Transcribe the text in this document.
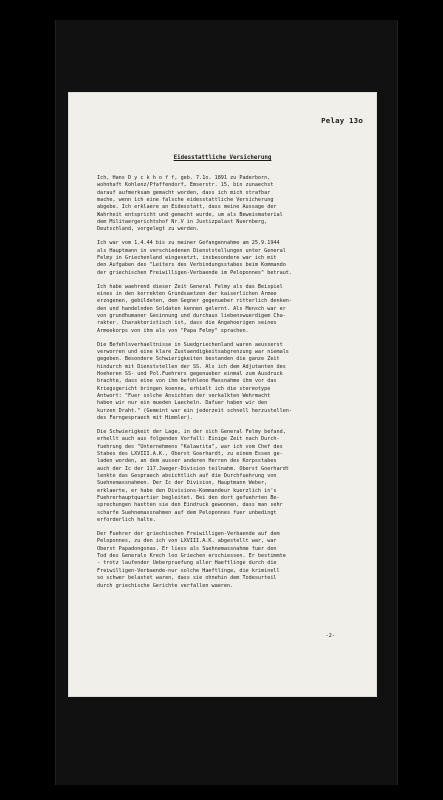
Pelay 13o
Eidesstattliche Versicherung

Ich, Hans D y c k h o f f, geb. 7.1o. 1891 zu Paderborn,
wohnhaft Kohlenz/Pfaffendorf, Emserstr. 15, bin zunaechst
darauf aufmerksam gemacht worden, dass ich mich strafbar
mache, wenn ich eine falsche eidesstattliche Versicherung
abgebe. Ich erklaere an Eidesstatt, dass meine Aussage der
Wahrheit entspricht und gemacht wurde, um als Beweismaterial
dem Militaergerichtshof Nr.V in Justizpalast Nuernberg,
Deutschland, vorgelegt zu werden.

Ich war vom 1.4.44 bis zu meiner Gefangennahme am 25.9.1944
als Hauptmann in verschiedenen Dienststellungen unter General
Felmy in Griechenland eingesetzt, insbesondere war ich mit
den Aufgaben des "Leiters des Verbindungsstabes beim Kommando
der griechischen Freiwilligen-Verbaende im Peloponnes" betraut.

Ich habe waehrend dieser Zeit General Felmy als das Beispiel
eines in den korrekten Grundsaetzen der kaiserlichen Armee
erzogenen, gebildeten, dem Gegner gegenueber ritterlich denken-
den und handelnden Soldaten kennen gelernt. Als Mensch war er
von grundhumaner Gesinnung und durchaus liebenswuerdigem Cha-
rakter. Charakteristisch ist, dass die Angehoerigen seines
Armeekorps von ihm als von "Papa Felmy" sprachen.

Die Befehlsverhaeltnisse in Suedgriechenland waren aeusserst
verworren und eine klare Zustaendigkeitsabgrenzung war niemals
gegeben. Besondere Schwierigkeiten bestanden die ganze Zeit
hindurch mit Dienststellen der SS. Als ich dem Adjutanten des
Hoeheren SS- und Pol.Fuehrers gegenueber einmal zum Ausdruck
brachte, dass eine von ihm befohlene Massnahme ihm vor das
Kriegsgericht bringen koenne, erhielt ich die stereotype
Antwort: "Fuer solche Ansichten der verkalkten Wehrmacht
haben wir nur ein mueden Laecheln. Dafuer haben wir den
kurzen Draht." (Gemeint war ein jederzeit schnell herzustellen-
des Ferngespraech mit Himmler).

Die Schwierigkeit der Lage, in der sich General Felmy befand,
erhellt auch aus folgenden Vorfall: Einige Zeit nach Durch-
fuehrung des "Unternehmens "Kalawrita", war ich vom Chef des
Stabes des LXVIII.A.K., Oberst Goerhardt, zu einem Essen ge-
laden worden, an dem ausser anderen Herren des Korpsstabes
auch der Ic der 117.Jaeger-Division teilnahm. Oberst Goerhardt
lenkte das Gespraech absichtlich auf die Durchfuehrung von
Suehnemassnahmen. Der Ic der Division, Hauptmann Weber,
erklaerte, er habe den Divisions-Kommandeur kuerzlich in's
Fuehrerhauptquartier begleitet. Bei den dort gefuehrten Be-
sprechungen hastten sie den Eindruck gewonnen, dass man sehr
scharfe Suehnemassnahmen auf dem Peloponnes fuer unbedingt
erforderlich halte.

Der Fuehrer der griechischen Freiwilligen-Verbaende auf dem
Peloponnes, zu den ich von LXVIII.A.K. abgestellt war, war
Oberst Papadongonas. Er liess als Suehnemassnahme fuer den
Tod des Generals Krech loo Griechen erschiessen. Er bestimmte
- trotz laufender Ueberpruefung aller Haeftlinge durch die
Freiwilligen-Verbaende-nur solche Haeftlinge, die kriminell
so schwer belastet waren, dass sie ohnehin dem Todesurteil
durch griechische Gerichte verfallen waeren.

-2-
